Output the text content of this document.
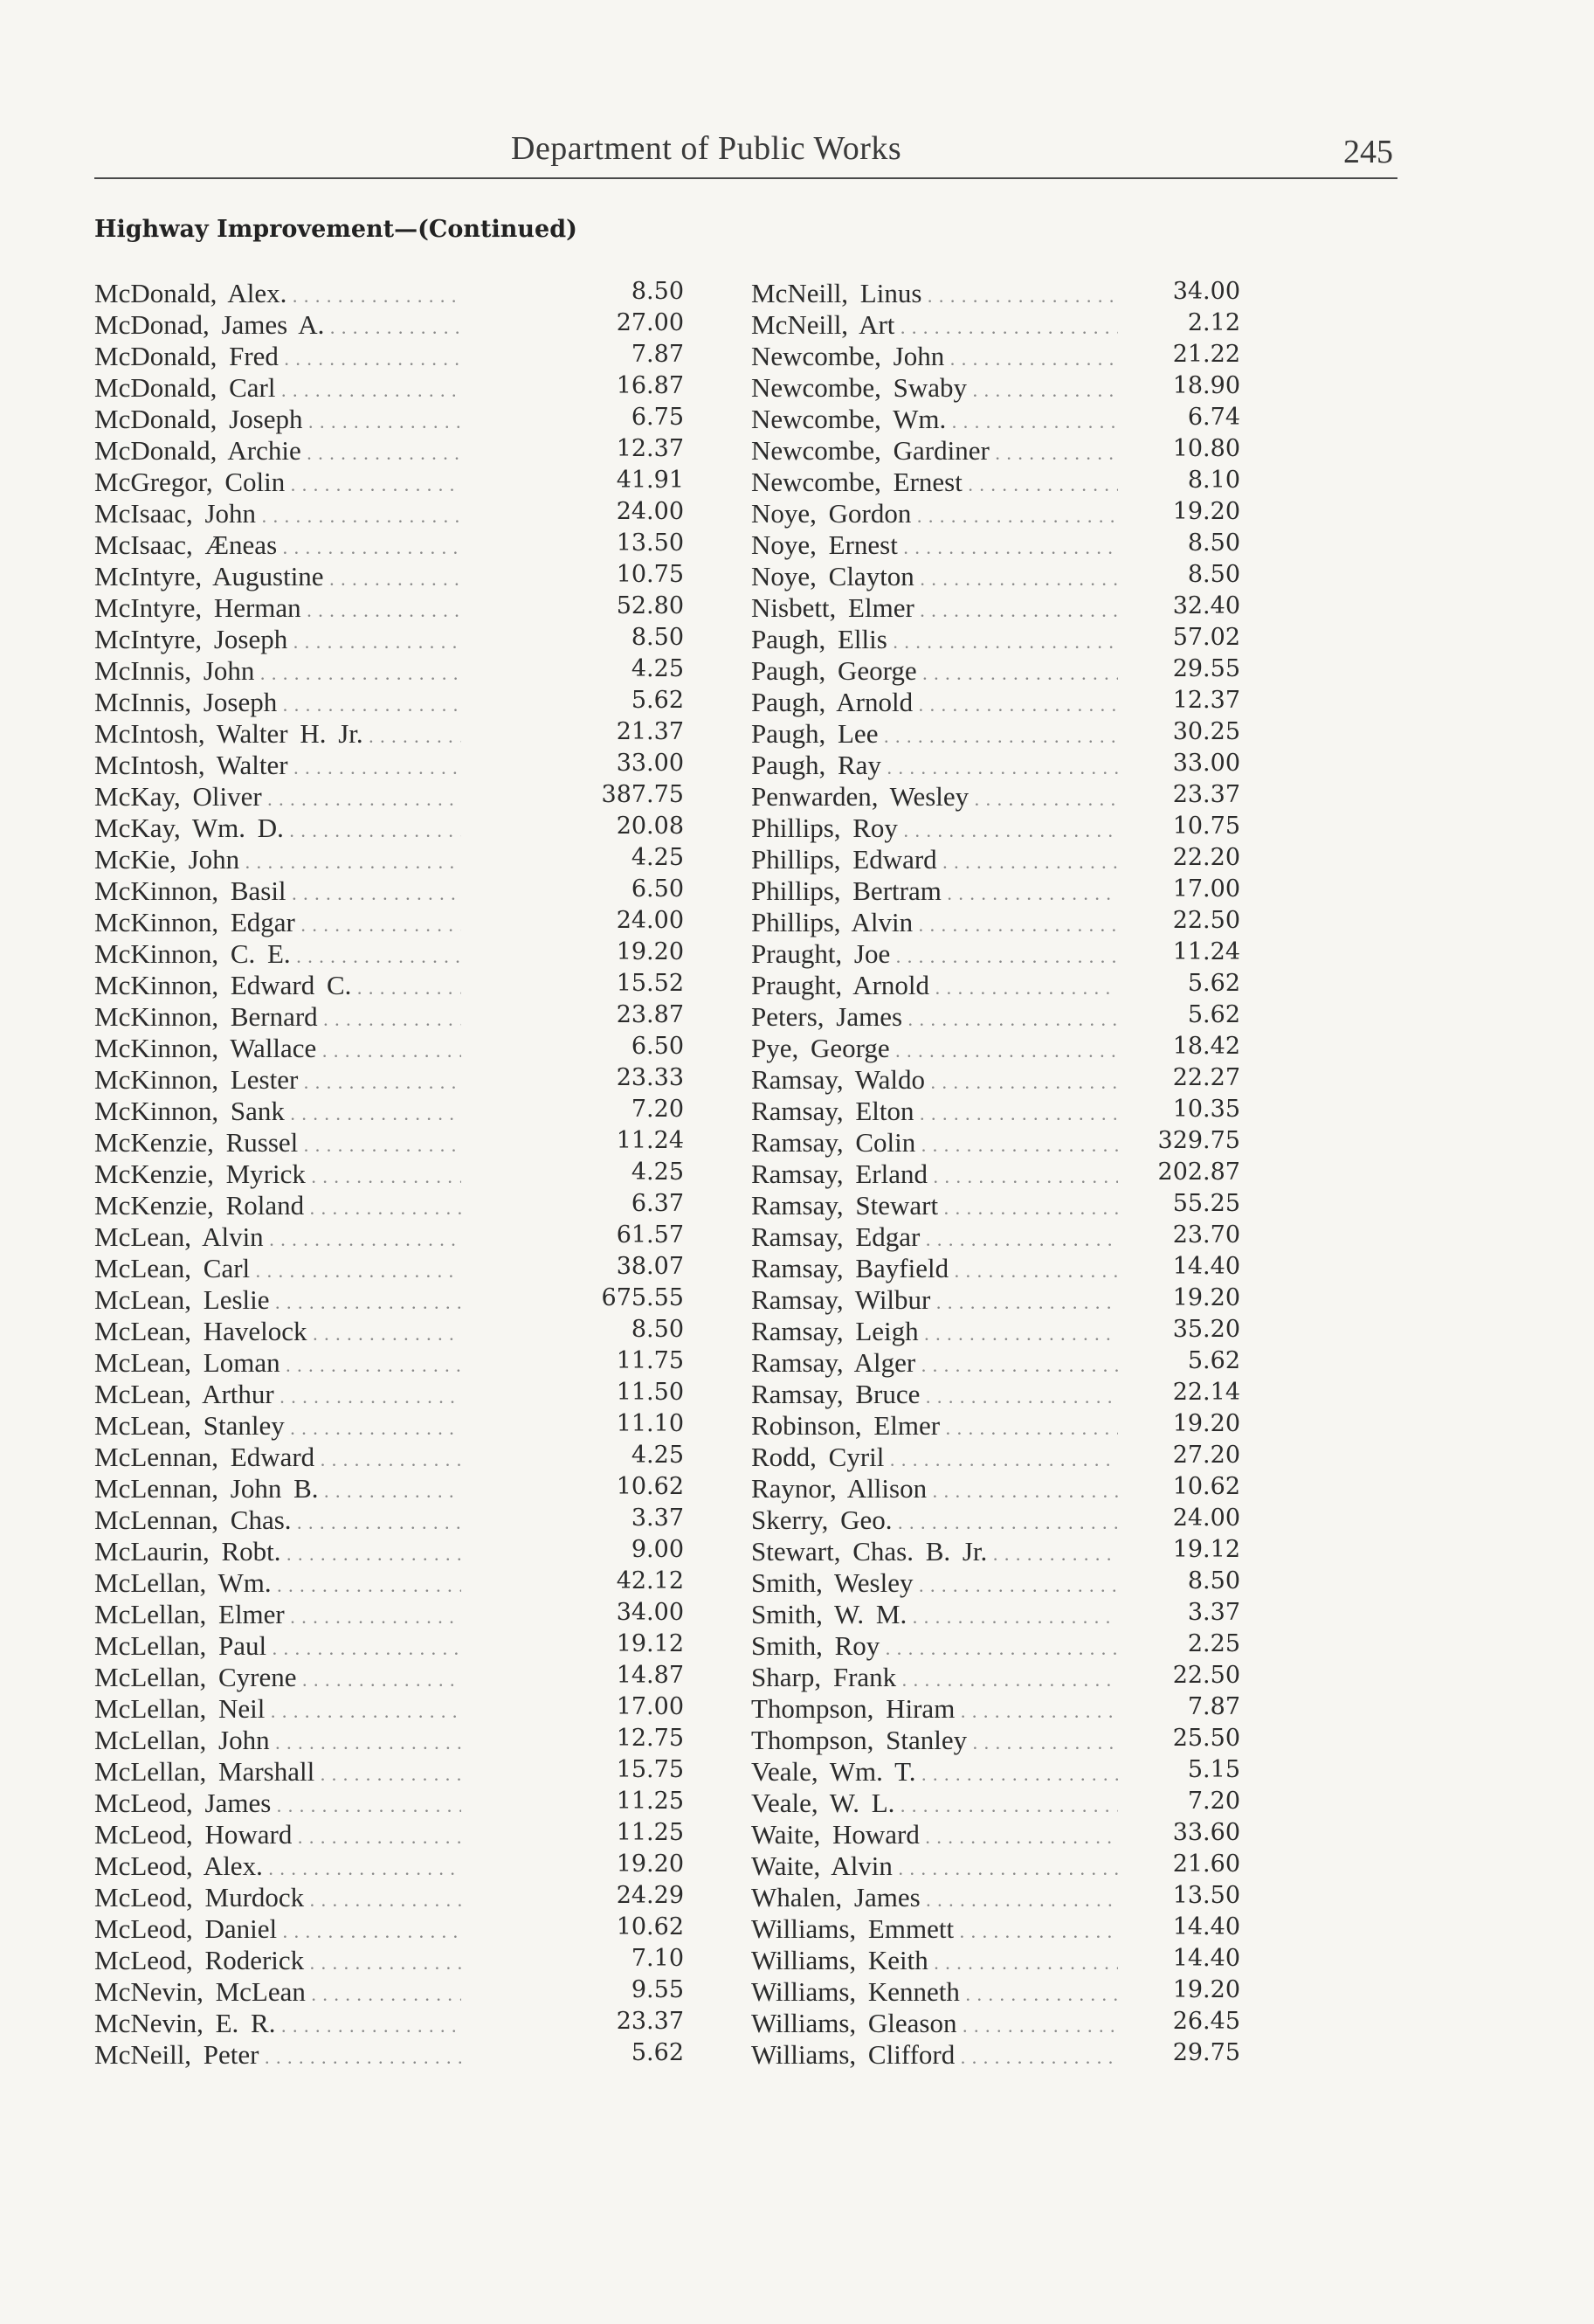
Department of Public Works	245
Highway Improvement—(Continued)
McDonald, Alex. . . .	8.50
McDonad, James A. . . .	27.00
McDonald, Fred . . .	7.87
McDonald, Carl . . .	16.87
McDonald, Joseph . . .	6.75
McDonald, Archie . . .	12.37
McGregor, Colin . . .	41.91
McIsaac, John . . .	24.00
McIsaac, Æneas . . .	13.50
McIntyre, Augustine . . .	10.75
McIntyre, Herman . . .	52.80
McIntyre, Joseph . . .	8.50
McInnis, John . . .	4.25
McInnis, Joseph . . .	5.62
McIntosh, Walter H. Jr. . . .	21.37
McIntosh, Walter . . .	33.00
McKay, Oliver . . .	387.75
McKay, Wm. D. . . .	20.08
McKie, John . . .	4.25
McKinnon, Basil . . .	6.50
McKinnon, Edgar . . .	24.00
McKinnon, C. E. . . .	19.20
McKinnon, Edward C. . . .	15.52
McKinnon, Bernard . . .	23.87
McKinnon, Wallace . . .	6.50
McKinnon, Lester . . .	23.33
McKinnon, Sank . . .	7.20
McKenzie, Russel . . .	11.24
McKenzie, Myrick . . .	4.25
McKenzie, Roland . . .	6.37
McLean, Alvin . . .	61.57
McLean, Carl . . .	38.07
McLean, Leslie . . .	675.55
McLean, Havelock . . .	8.50
McLean, Loman . . .	11.75
McLean, Arthur . . .	11.50
McLean, Stanley . . .	11.10
McLennan, Edward . . .	4.25
McLennan, John B. . . .	10.62
McLennan, Chas. . . .	3.37
McLaurin, Robt. . . .	9.00
McLellan, Wm. . . .	42.12
McLellan, Elmer . . .	34.00
McLellan, Paul . . .	19.12
McLellan, Cyrene . . .	14.87
McLellan, Neil . . .	17.00
McLellan, John . . .	12.75
McLellan, Marshall . . .	15.75
McLeod, James . . .	11.25
McLeod, Howard . . .	11.25
McLeod, Alex. . . .	19.20
McLeod, Murdock . . .	24.29
McLeod, Daniel . . .	10.62
McLeod, Roderick . . .	7.10
McNevin, McLean . . .	9.55
McNevin, E. R. . . .	23.37
McNeill, Peter . . .	5.62
McNeill, Linus . . .	34.00
McNeill, Art . . .	2.12
Newcombe, John . . .	21.22
Newcombe, Swaby . . .	18.90
Newcombe, Wm. . . .	6.74
Newcombe, Gardiner . . .	10.80
Newcombe, Ernest . . .	8.10
Noye, Gordon . . .	19.20
Noye, Ernest . . .	8.50
Noye, Clayton . . .	8.50
Nisbett, Elmer . . .	32.40
Paugh, Ellis . . .	57.02
Paugh, George . . .	29.55
Paugh, Arnold . . .	12.37
Paugh, Lee . . .	30.25
Paugh, Ray . . .	33.00
Penwarden, Wesley . . .	23.37
Phillips, Roy . . .	10.75
Phillips, Edward . . .	22.20
Phillips, Bertram . . .	17.00
Phillips, Alvin . . .	22.50
Praught, Joe . . .	11.24
Praught, Arnold . . .	5.62
Peters, James . . .	5.62
Pye, George . . .	18.42
Ramsay, Waldo . . .	22.27
Ramsay, Elton . . .	10.35
Ramsay, Colin . . .	329.75
Ramsay, Erland . . .	202.87
Ramsay, Stewart . . .	55.25
Ramsay, Edgar . . .	23.70
Ramsay, Bayfield . . .	14.40
Ramsay, Wilbur . . .	19.20
Ramsay, Leigh . . .	35.20
Ramsay, Alger . . .	5.62
Ramsay, Bruce . . .	22.14
Robinson, Elmer . . .	19.20
Rodd, Cyril . . .	27.20
Raynor, Allison . . .	10.62
Skerry, Geo. . . .	24.00
Stewart, Chas. B. Jr. . . .	19.12
Smith, Wesley . . .	8.50
Smith, W. M. . . .	3.37
Smith, Roy . . .	2.25
Sharp, Frank . . .	22.50
Thompson, Hiram . . .	7.87
Thompson, Stanley . . .	25.50
Veale, Wm. T. . . .	5.15
Veale, W. L. . . .	7.20
Waite, Howard . . .	33.60
Waite, Alvin . . .	21.60
Whalen, James . . .	13.50
Williams, Emmett . . .	14.40
Williams, Keith . . .	14.40
Williams, Kenneth . . .	19.20
Williams, Gleason . . .	26.45
Williams, Clifford . . .	29.75
